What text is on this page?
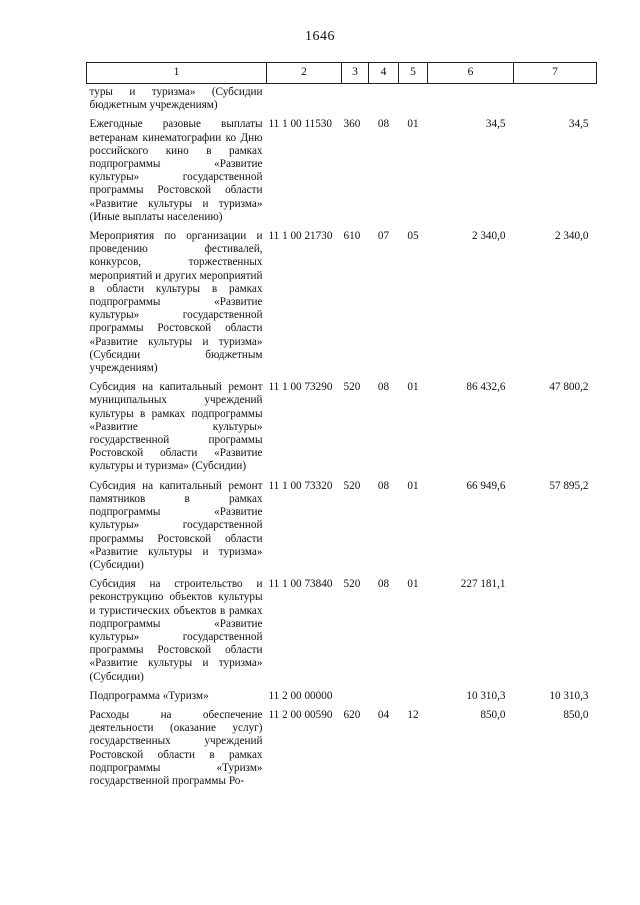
1646
1	2	3	4	5	6	7
туры и туризма» (Субсидии бюджетным учреждениям)						
Ежегодные разовые выплаты ветеранам кинематографии ко Дню российского кино в рамках подпрограммы «Развитие культуры» государственной программы Ростовской области «Развитие культуры и туризма» (Иные выплаты населению)	11 1 00 11530	360	08	01	34,5	34,5
Мероприятия по организации и проведению фестивалей, конкурсов, торжественных мероприятий и других мероприятий в области культуры в рамках подпрограммы «Развитие культуры» государственной программы Ростовской области «Развитие культуры и туризма» (Субсидии бюджетным учреждениям)	11 1 00 21730	610	07	05	2 340,0	2 340,0
Субсидия на капитальный ремонт муниципальных учреждений культуры в рамках подпрограммы «Развитие культуры» государственной программы Ростовской области «Развитие культуры и туризма» (Субсидии)	11 1 00 73290	520	08	01	86 432,6	47 800,2
Субсидия на капитальный ремонт памятников в рамках подпрограммы «Развитие культуры» государственной программы Ростовской области «Развитие культуры и туризма» (Субсидии)	11 1 00 73320	520	08	01	66 949,6	57 895,2
Субсидия на строительство и реконструкцию объектов культуры и туристических объектов в рамках подпрограммы «Развитие культуры» государственной программы Ростовской области «Развитие культуры и туризма» (Субсидии)	11 1 00 73840	520	08	01	227 181,1	
Подпрограмма «Туризм»	11 2 00 00000				10 310,3	10 310,3
Расходы на обеспечение деятельности (оказание услуг) государственных учреждений Ростовской области в рамках подпрограммы «Туризм» государственной программы Ро-	11 2 00 00590	620	04	12	850,0	850,0
